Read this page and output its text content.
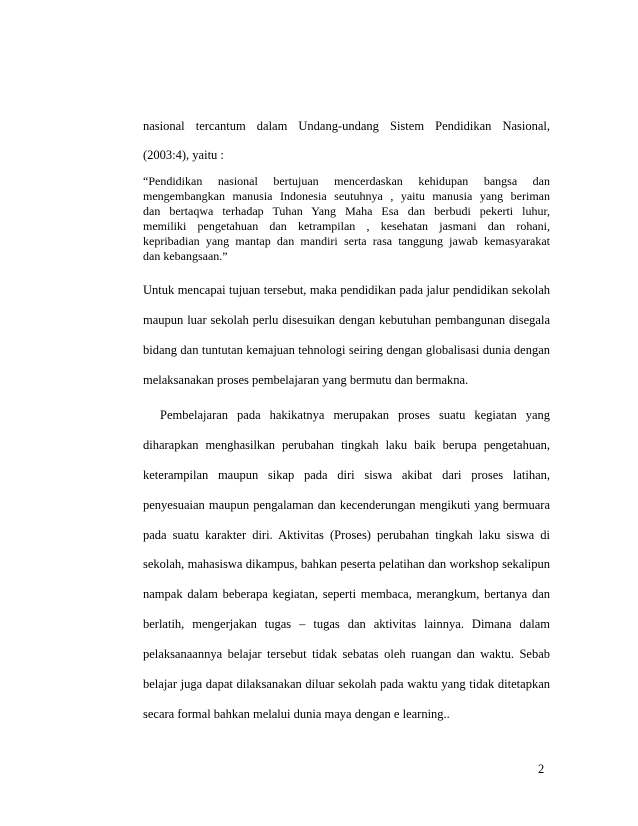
nasional tercantum dalam Undang-undang Sistem Pendidikan Nasional,
(2003:4), yaitu :
“Pendidikan nasional bertujuan mencerdaskan kehidupan bangsa dan
mengembangkan manusia Indonesia seutuhnya , yaitu manusia yang beriman
dan bertaqwa terhadap Tuhan Yang Maha Esa dan berbudi pekerti luhur,
memiliki pengetahuan dan ketrampilan , kesehatan jasmani dan rohani,
kepribadian yang mantap dan mandiri serta rasa tanggung jawab kemasyarakat
dan kebangsaan.”
Untuk mencapai tujuan tersebut, maka pendidikan pada jalur pendidikan sekolah
maupun luar sekolah perlu disesuikan dengan kebutuhan pembangunan disegala
bidang dan tuntutan kemajuan tehnologi seiring dengan globalisasi dunia dengan
melaksanakan proses pembelajaran yang bermutu dan bermakna.
Pembelajaran pada hakikatnya merupakan proses suatu kegiatan yang
diharapkan menghasilkan perubahan tingkah laku baik berupa pengetahuan,
keterampilan maupun sikap pada diri siswa akibat dari proses latihan,
penyesuaian maupun pengalaman dan kecenderungan mengikuti yang bermuara
pada suatu karakter diri. Aktivitas (Proses) perubahan tingkah laku siswa di
sekolah, mahasiswa dikampus, bahkan peserta pelatihan dan workshop sekalipun
nampak dalam beberapa kegiatan, seperti membaca, merangkum, bertanya dan
berlatih, mengerjakan tugas – tugas dan aktivitas lainnya. Dimana dalam
pelaksanaannya belajar tersebut tidak sebatas oleh ruangan dan waktu. Sebab
belajar juga dapat dilaksanakan diluar sekolah pada waktu yang tidak ditetapkan
secara formal bahkan melalui dunia maya dengan e learning..
2
